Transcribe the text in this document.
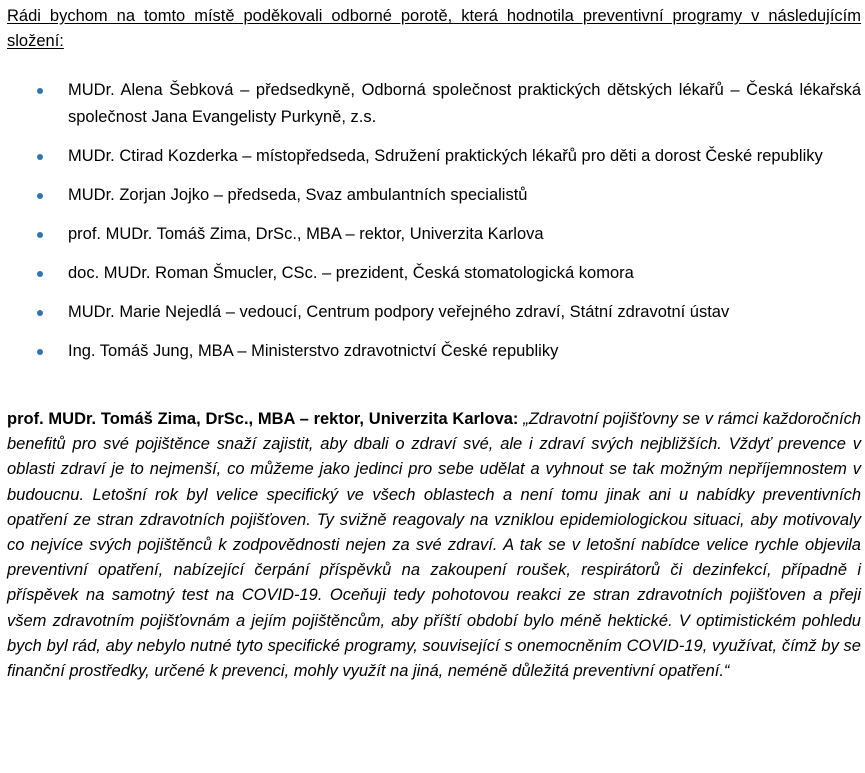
Rádi bychom na tomto místě poděkovali odborné porotě, která hodnotila preventivní programy v následujícím složení:

MUDr. Alena Šebková – předsedkyně, Odborná společnost praktických dětských lékařů – Česká lékařská společnost Jana Evangelisty Purkyně, z.s.
MUDr. Ctirad Kozderka – místopředseda, Sdružení praktických lékařů pro děti a dorost České republiky
MUDr. Zorjan Jojko – předseda, Svaz ambulantních specialistů
prof. MUDr. Tomáš Zima, DrSc., MBA – rektor, Univerzita Karlova
doc. MUDr. Roman Šmucler, CSc. – prezident, Česká stomatologická komora
MUDr. Marie Nejedlá – vedoucí, Centrum podpory veřejného zdraví, Státní zdravotní ústav
Ing. Tomáš Jung, MBA – Ministerstvo zdravotnictví České republiky

prof. MUDr. Tomáš Zima, DrSc., MBA – rektor, Univerzita Karlova: „Zdravotní pojišťovny se v rámci každoročních benefitů pro své pojištěnce snaží zajistit, aby dbali o zdraví své, ale i zdraví svých nejbližších. Vždyť prevence v oblasti zdraví je to nejmenší, co můžeme jako jedinci pro sebe udělat a vyhnout se tak možným nepříjemnostem v budoucnu. Letošní rok byl velice specifický ve všech oblastech a není tomu jinak ani u nabídky preventivních opatření ze stran zdravotních pojišťoven. Ty svižně reagovaly na vzniklou epidemiologickou situaci, aby motivovaly co nejvíce svých pojištěnců k zodpovědnosti nejen za své zdraví. A tak se v letošní nabídce velice rychle objevila preventivní opatření, nabízející čerpání příspěvků na zakoupení roušek, respirátorů či dezinfekcí, případně i příspěvek na samotný test na COVID-19. Oceňuji tedy pohotovou reakci ze stran zdravotních pojišťoven a přeji všem zdravotním pojišťovnám a jejím pojištěncům, aby příští období bylo méně hektické. V optimistickém pohledu bych byl rád, aby nebylo nutné tyto specifické programy, související s onemocněním COVID-19, využívat, čímž by se finanční prostředky, určené k prevenci, mohly využít na jiná, neméně důležitá preventivní opatření.“
